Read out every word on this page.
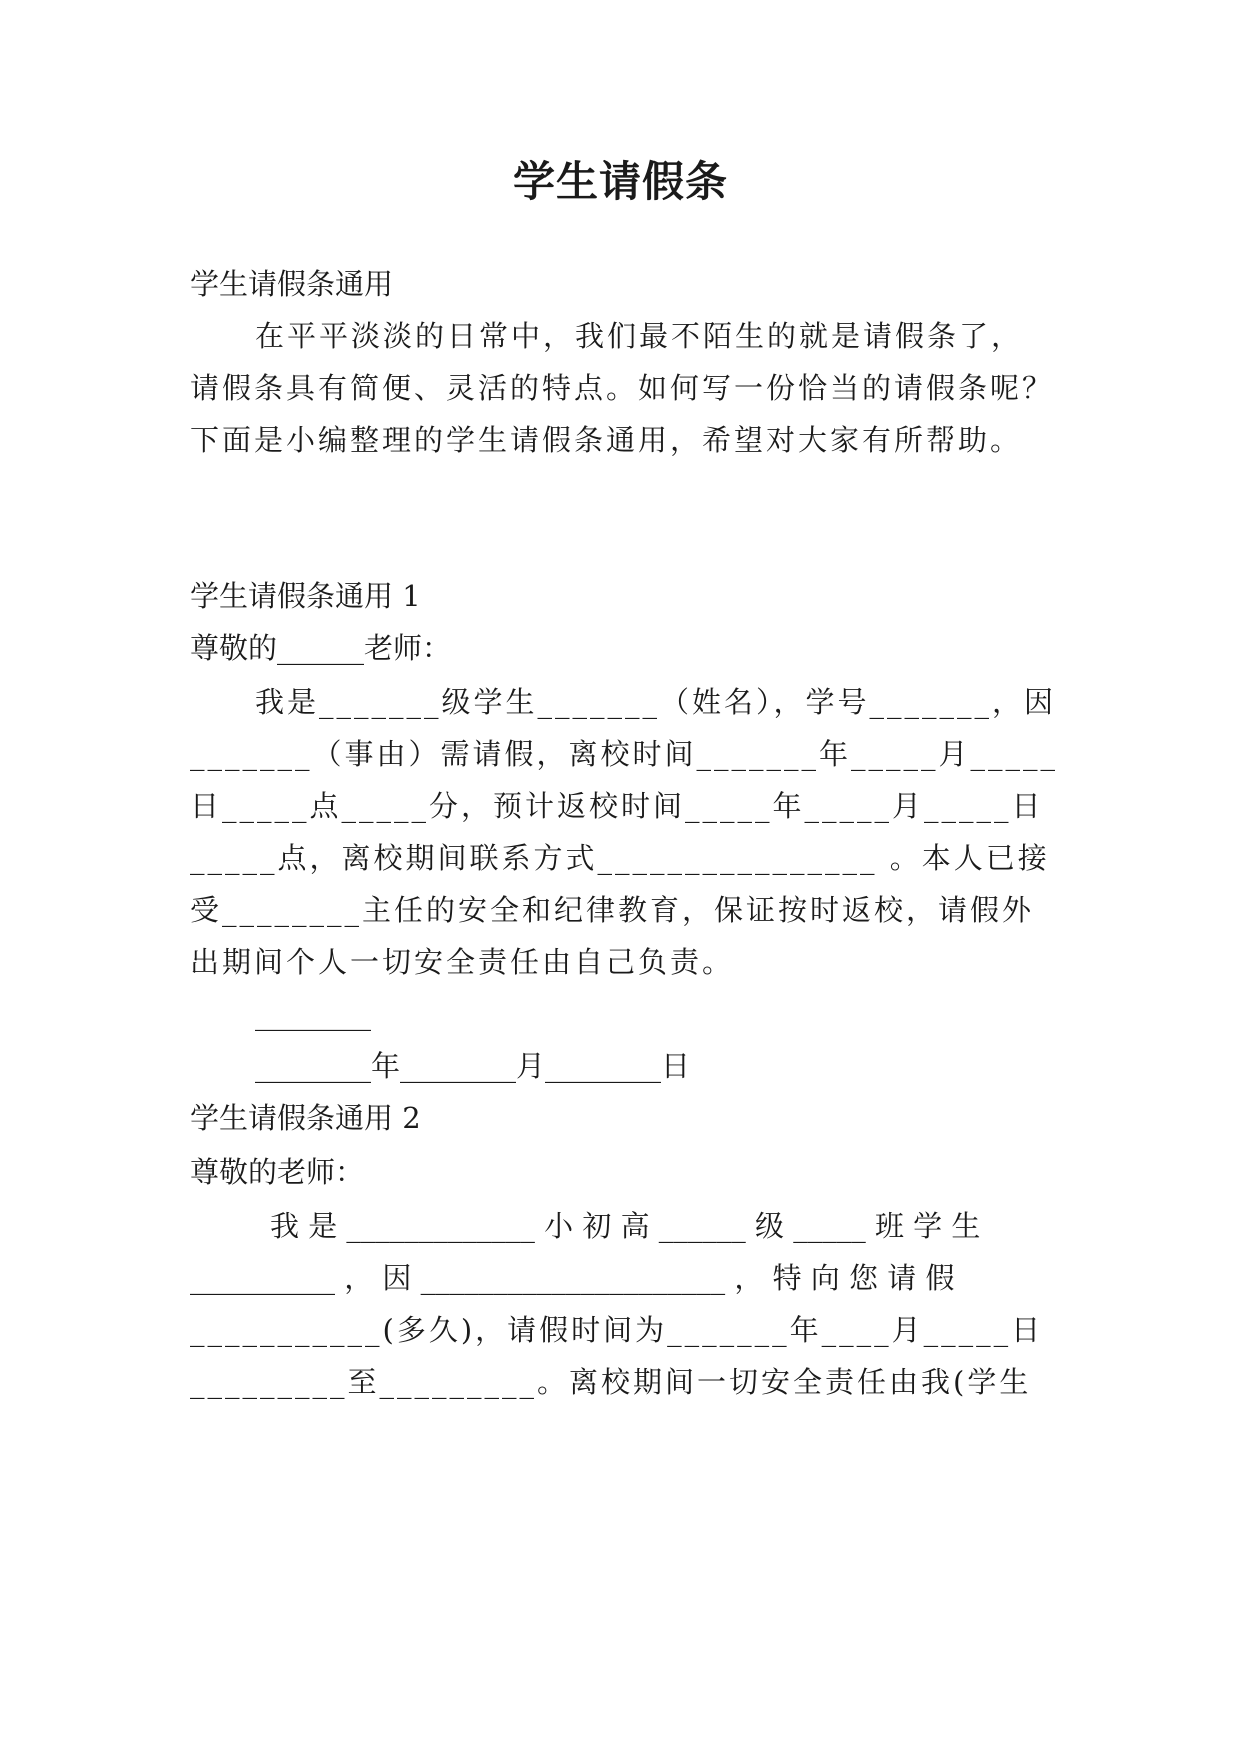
学生请假条
学生请假条通用
在平平淡淡的日常中，我们最不陌生的就是请假条了，
请假条具有简便、灵活的特点。如何写一份恰当的请假条呢？
下面是小编整理的学生请假条通用，希望对大家有所帮助。
学生请假条通用 1
尊敬的______老师：
我是_______级学生_______（姓名），学号_______，因
_______（事由）需请假，离校时间_______年_____月_____
日_____点_____分，预计返校时间_____年_____月_____日
_____点，离校期间联系方式________________ 。本人已接
受________主任的安全和纪律教育，保证按时返校，请假外
出期间个人一切安全责任由自己负责。
________
________年________月________日
学生请假条通用 2
尊敬的老师：
我 是 _____________ 小 初 高 ______ 级 _____ 班 学 生
__________ ， 因 _____________________ ， 特 向 您 请 假
___________(多久)，请假时间为_______年____月_____日
_________至_________。离校期间一切安全责任由我(学生
